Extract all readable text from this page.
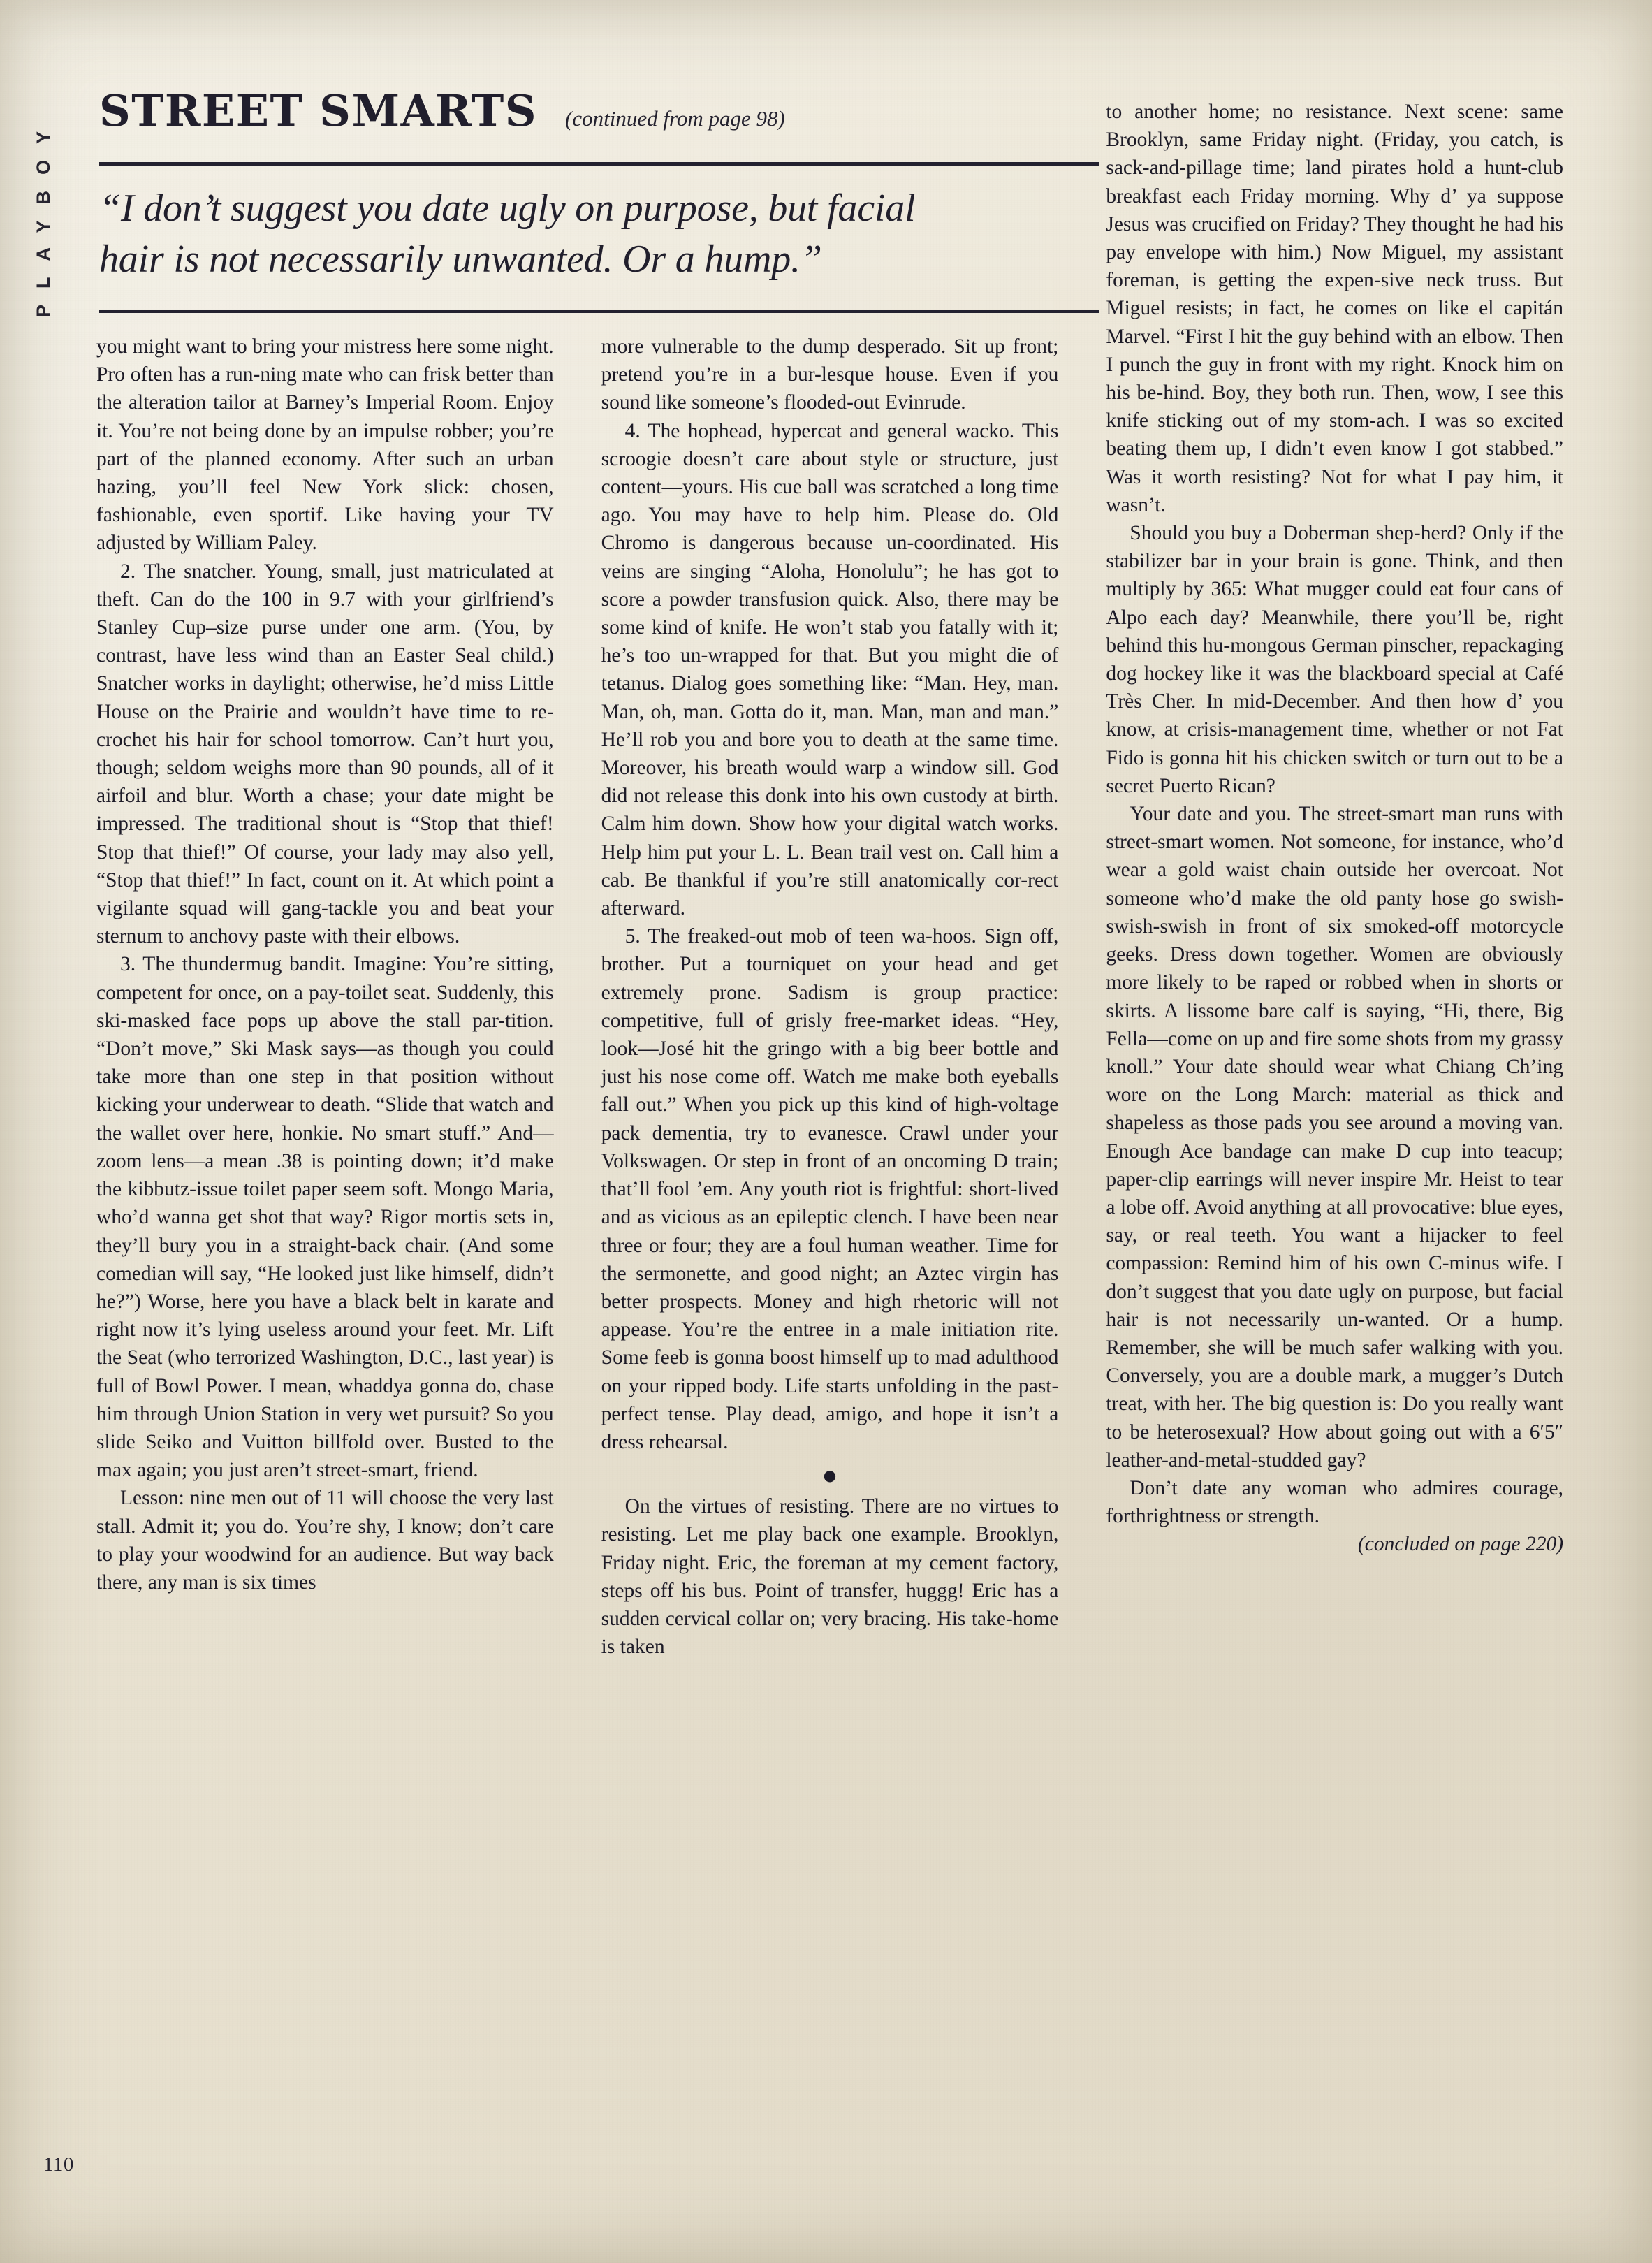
PLAYBOY
STREET SMARTS (continued from page 98)
“I don’t suggest you date ugly on purpose, but facial
hair is not necessarily unwanted. Or a hump.”

you might want to bring your mistress here some night. Pro often has a run-ning mate who can frisk better than the alteration tailor at Barney’s Imperial Room. Enjoy it. You’re not being done by an impulse robber; you’re part of the planned economy. After such an urban hazing, you’ll feel New York slick: chosen, fashionable, even sportif. Like having your TV adjusted by William Paley.

2. The snatcher. Young, small, just matriculated at theft. Can do the 100 in 9.7 with your girlfriend’s Stanley Cup–size purse under one arm. (You, by contrast, have less wind than an Easter Seal child.) Snatcher works in daylight; otherwise, he’d miss Little House on the Prairie and wouldn’t have time to re-crochet his hair for school tomorrow. Can’t hurt you, though; seldom weighs more than 90 pounds, all of it airfoil and blur. Worth a chase; your date might be impressed. The traditional shout is “Stop that thief! Stop that thief!” Of course, your lady may also yell, “Stop that thief!” In fact, count on it. At which point a vigilante squad will gang-tackle you and beat your sternum to anchovy paste with their elbows.

3. The thundermug bandit. Imagine: You’re sitting, competent for once, on a pay-toilet seat. Suddenly, this ski-masked face pops up above the stall par-tition. “Don’t move,” Ski Mask says—as though you could take more than one step in that position without kicking your underwear to death. “Slide that watch and the wallet over here, honkie. No smart stuff.” And—zoom lens—a mean .38 is pointing down; it’d make the kibbutz-issue toilet paper seem soft. Mongo Maria, who’d wanna get shot that way? Rigor mortis sets in, they’ll bury you in a straight-back chair. (And some comedian will say, “He looked just like himself, didn’t he?”) Worse, here you have a black belt in karate and right now it’s lying useless around your feet. Mr. Lift the Seat (who terrorized Washington, D.C., last year) is full of Bowl Power. I mean, whaddya gonna do, chase him through Union Station in very wet pursuit? So you slide Seiko and Vuitton billfold over. Busted to the max again; you just aren’t street-smart, friend.

Lesson: nine men out of 11 will choose the very last stall. Admit it; you do. You’re shy, I know; don’t care to play your woodwind for an audience. But way back there, any man is six times

more vulnerable to the dump desperado. Sit up front; pretend you’re in a bur-lesque house. Even if you sound like someone’s flooded-out Evinrude.

4. The hophead, hypercat and general wacko. This scroogie doesn’t care about style or structure, just content—yours. His cue ball was scratched a long time ago. You may have to help him. Please do. Old Chromo is dangerous because un-coordinated. His veins are singing “Aloha, Honolulu”; he has got to score a powder transfusion quick. Also, there may be some kind of knife. He won’t stab you fatally with it; he’s too un-wrapped for that. But you might die of tetanus. Dialog goes something like: “Man. Hey, man. Man, oh, man. Gotta do it, man. Man, man and man.” He’ll rob you and bore you to death at the same time. Moreover, his breath would warp a window sill. God did not release this donk into his own custody at birth. Calm him down. Show how your digital watch works. Help him put your L. L. Bean trail vest on. Call him a cab. Be thankful if you’re still anatomically cor-rect afterward.

5. The freaked-out mob of teen wa-hoos. Sign off, brother. Put a tourniquet on your head and get extremely prone. Sadism is group practice: competitive, full of grisly free-market ideas. “Hey, look—José hit the gringo with a big beer bottle and just his nose come off. Watch me make both eyeballs fall out.” When you pick up this kind of high-voltage pack dementia, try to evanesce. Crawl under your Volkswagen. Or step in front of an oncoming D train; that’ll fool ’em. Any youth riot is frightful: short-lived and as vicious as an epileptic clench. I have been near three or four; they are a foul human weather. Time for the sermonette, and good night; an Aztec virgin has better prospects. Money and high rhetoric will not appease. You’re the entree in a male initiation rite. Some feeb is gonna boost himself up to mad adulthood on your ripped body. Life starts unfolding in the past-perfect tense. Play dead, amigo, and hope it isn’t a dress rehearsal.

●

On the virtues of resisting. There are no virtues to resisting. Let me play back one example. Brooklyn, Friday night. Eric, the foreman at my cement factory, steps off his bus. Point of transfer, huggg! Eric has a sudden cervical collar on; very bracing. His take-home is taken

to another home; no resistance. Next scene: same Brooklyn, same Friday night. (Friday, you catch, is sack-and-pillage time; land pirates hold a hunt-club breakfast each Friday morning. Why d’ ya suppose Jesus was crucified on Friday? They thought he had his pay envelope with him.) Now Miguel, my assistant foreman, is getting the expen-sive neck truss. But Miguel resists; in fact, he comes on like el capitán Marvel. “First I hit the guy behind with an elbow. Then I punch the guy in front with my right. Knock him on his be-hind. Boy, they both run. Then, wow, I see this knife sticking out of my stom-ach. I was so excited beating them up, I didn’t even know I got stabbed.” Was it worth resisting? Not for what I pay him, it wasn’t.

Should you buy a Doberman shep-herd? Only if the stabilizer bar in your brain is gone. Think, and then multiply by 365: What mugger could eat four cans of Alpo each day? Meanwhile, there you’ll be, right behind this hu-mongous German pinscher, repackaging dog hockey like it was the blackboard special at Café Très Cher. In mid-December. And then how d’ you know, at crisis-management time, whether or not Fat Fido is gonna hit his chicken switch or turn out to be a secret Puerto Rican?

Your date and you. The street-smart man runs with street-smart women. Not someone, for instance, who’d wear a gold waist chain outside her overcoat. Not someone who’d make the old panty hose go swish-swish-swish in front of six smoked-off motorcycle geeks. Dress down together. Women are obviously more likely to be raped or robbed when in shorts or skirts. A lissome bare calf is saying, “Hi, there, Big Fella—come on up and fire some shots from my grassy knoll.” Your date should wear what Chiang Ch’ing wore on the Long March: material as thick and shapeless as those pads you see around a moving van. Enough Ace bandage can make D cup into teacup; paper-clip earrings will never inspire Mr. Heist to tear a lobe off. Avoid anything at all provocative: blue eyes, say, or real teeth. You want a hijacker to feel compassion: Remind him of his own C-minus wife. I don’t suggest that you date ugly on purpose, but facial hair is not necessarily un-wanted. Or a hump. Remember, she will be much safer walking with you. Conversely, you are a double mark, a mugger’s Dutch treat, with her. The big question is: Do you really want to be heterosexual? How about going out with a 6′5″ leather-and-metal-studded gay?

Don’t date any woman who admires courage, forthrightness or strength.

(concluded on page 220)

110
